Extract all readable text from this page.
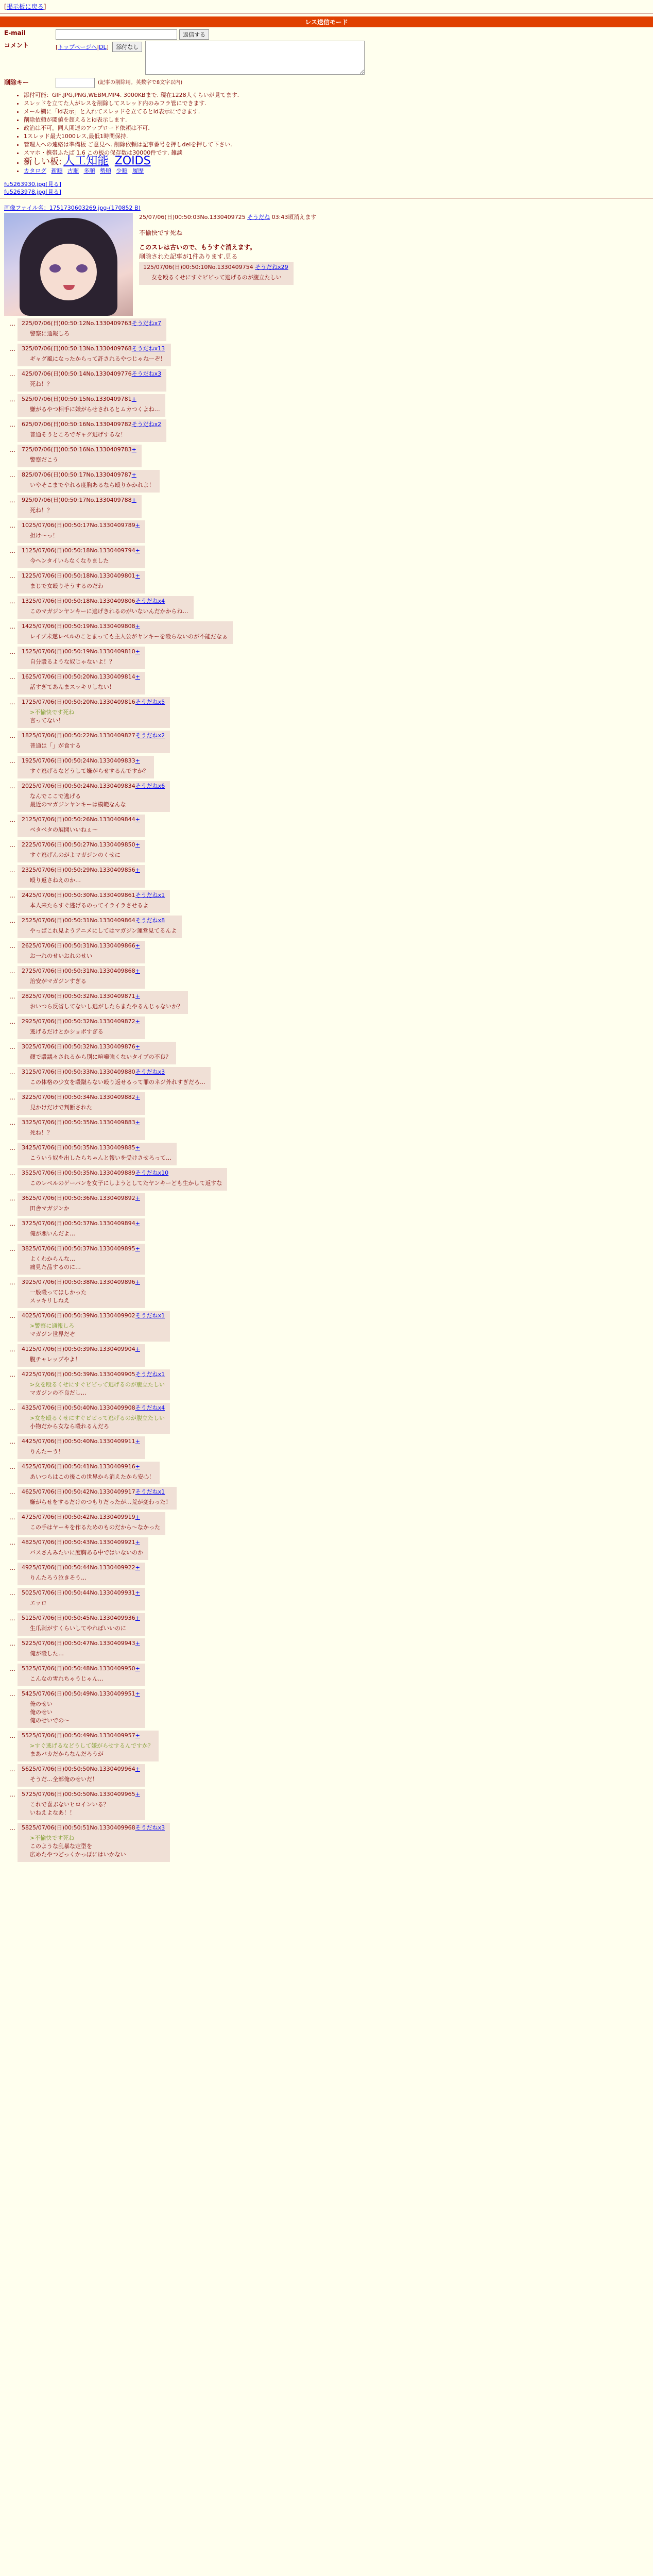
[掲示板に戻る]
レス送信モード
E-mail	返信する
コメント	[トップページへ|DL] 添付なし
削除キー	(記事の削除用。英数字で8文字以内)
• 添付可能：GIF,JPG,PNG,WEBM,MP4. 3000KBまで. 現在1228人くらいが見てます.
• スレッドを立てた人がレスを削除してスレッド内のみフラ管にできます.
• メール欄に「id表示」と入れてスレッドを立てるとid表示にできます.
• 削除依頼が閾値を超えるとid表示します.
• 政治は不可。同人関連のアップロード依頼は不可.
• 1スレッド最大1000レス,最低1時間保持.
• 管理人への連絡は準備板 ご意見へ. 削除依頼は記事番号を押しdelを押して下さい.
• スマホ・携帯ふたば 1.6 この板の保存数は30000件です. 雑談
• 新しい板: 人工知能 ZOIDS
• カタログ 新順 古順 多順 勢順 少順 履歴
fu5263930.jpg[見る]
fu5263978.jpg[見る]
画像ファイル名：1751730603269.jpg-(170852 B)
25/07/06(日)00:50:03No.1330409725 そうだね 03:43頃消えます
不愉快です死ね
このスレは古いので、もうすぐ消えます。
削除された記事が1件あります.見る
125/07/06(日)00:50:10No.1330409754 そうだねx29
女を殴るくせにすぐビビって逃げるのが腹立たしい
…	225/07/06(日)00:50:12No.1330409763そうだねx7
警察に通報しろ
…	325/07/06(日)00:50:13No.1330409768そうだねx13
ギャグ風になったからって許されるやつじゃねーぞ！
…	425/07/06(日)00:50:14No.1330409776そうだねx3
死ね！？
…	525/07/06(日)00:50:15No.1330409781+
嫌がるやつ相手に嫌がらせされるとムカつくよね…
…	625/07/06(日)00:50:16No.1330409782そうだねx2
普通そうところでギャグ逃げするな！
…	725/07/06(日)00:50:16No.1330409783+
警察だこう
…	825/07/06(日)00:50:17No.1330409787+
いやそこまでやれる度胸あるなら殴りかかれよ！
…	925/07/06(日)00:50:17No.1330409788+
死ね！？
…	1025/07/06(日)00:50:17No.1330409789+
担け〜っ！
…	1125/07/06(日)00:50:18No.1330409794+
今ヘンタイいらなくなりました
…	1225/07/06(日)00:50:18No.1330409801+
まじで女殴りそうするのだわ
…	1325/07/06(日)00:50:18No.1330409806そうだねx4
このマガジンヤンキーに逃げきれるのがいないんだかからね…
…	1425/07/06(日)00:50:19No.1330409808+
レイプ未遂レベルのことまっても主人公がヤンキーを殴らないのが不能だなぁ
…	1525/07/06(日)00:50:19No.1330409810+
自分殴るような奴じゃないよ！？
…	1625/07/06(日)00:50:20No.1330409814+
話すぎてあんまスッキリしない！
…	1725/07/06(日)00:50:20No.1330409816そうだねx5
>不愉快です死ね
言ってない！
…	1825/07/06(日)00:50:22No.1330409827そうだねx2
普通は「」が食する
…	1925/07/06(日)00:50:24No.1330409833+
すぐ逃げるなどうして嫌がらせするんですか？
…	2025/07/06(日)00:50:24No.1330409834そうだねx6
なんでここで逃げる
最近のマガジンヤンキーは模範なんな
…	2125/07/06(日)00:50:26No.1330409844+
ベタベタの展開いいねぇ〜
…	2225/07/06(日)00:50:27No.1330409850+
すぐ逃げんのがよマガジンのくせに
…	2325/07/06(日)00:50:29No.1330409856+
殴り返さねえのか…
…	2425/07/06(日)00:50:30No.1330409861そうだねx1
本人来たらすぐ逃げるのってイライラさせるよ
…	2525/07/06(日)00:50:31No.1330409864そうだねx8
やっぱこれ見ようアニメにしてはマガジン運営見てるんよ
…	2625/07/06(日)00:50:31No.1330409866+
お一れのせいおれのせい
…	2725/07/06(日)00:50:31No.1330409868+
治安がマガジンすぎる
…	2825/07/06(日)00:50:32No.1330409871+
おいつら反省してないし逃がしたらまたやるんじゃないか？
…	2925/07/06(日)00:50:32No.1330409872+
逃げるだけとかショボすぎる
…	3025/07/06(日)00:50:32No.1330409876+
顔で殴議々されるから別に喧嘩強くないタイプの不良？
…	3125/07/06(日)00:50:33No.1330409880そうだねx3
この体格の少女を殴蹴らない殴り返せるって罪のネジ外れすぎだろ…
…	3225/07/06(日)00:50:34No.1330409882+
見かけだけで判断された
…	3325/07/06(日)00:50:35No.1330409883+
死ね！？
…	3425/07/06(日)00:50:35No.1330409885+
こういう奴を出したらちゃんと報いを受けさせろって…
…	3525/07/06(日)00:50:35No.1330409889そうだねx10
このレベルのゲーパンを女子にしようとしてたヤンキーども生かして返すな
…	3625/07/06(日)00:50:36No.1330409892+
田舎マガジンか
…	3725/07/06(日)00:50:37No.1330409894+
俺が悪いんだよ…
…	3825/07/06(日)00:50:37No.1330409895+
よくわからんな…
痛見た品するのに…
…	3925/07/06(日)00:50:38No.1330409896+
一般殴ってほしかった
スッキリしねえ
…	4025/07/06(日)00:50:39No.1330409902そうだねx1
>警察に通報しろ
マガジン世界だぞ
…	4125/07/06(日)00:50:39No.1330409904+
腹チャレップやよ！
…	4225/07/06(日)00:50:39No.1330409905そうだねx1
>女を殴るくせにすぐビビって逃げるのが腹立たしい
マガジンの不良だし…
…	4325/07/06(日)00:50:40No.1330409908そうだねx4
>女を殴るくせにすぐビビって逃げるのが腹立たしい
小物だから女なら殴れるんだろ
…	4425/07/06(日)00:50:40No.1330409911+
りんたーう！
…	4525/07/06(日)00:50:41No.1330409916+
あいつらはこの後この世界から消えたから安心！
…	4625/07/06(日)00:50:42No.1330409917そうだねx1
嫌がらせをするだけのつもりだったが…荒が変わった！
…	4725/07/06(日)00:50:42No.1330409919+
この手はヤーキを作るためのものだから〜なかった
…	4825/07/06(日)00:50:43No.1330409921+
バスさんみたいに度胸ある中ではいないのか
…	4925/07/06(日)00:50:44No.1330409922+
りんたろう泣きそう…
…	5025/07/06(日)00:50:44No.1330409931+
エッロ
…	5125/07/06(日)00:50:45No.1330409936+
生爪剥がすくらいしてやればいいのに
…	5225/07/06(日)00:50:47No.1330409943+
俺が殴した…
…	5325/07/06(日)00:50:48No.1330409950+
こんなの雪れちゃうじゃん…
…	5425/07/06(日)00:50:49No.1330409951+
俺のせい
俺のせい
俺のせいでの〜
…	5525/07/06(日)00:50:49No.1330409957+
>すぐ逃げるなどうして嫌がらせするんですか？
まあバカだからなんだろうが
…	5625/07/06(日)00:50:50No.1330409964+
そうだ…全部俺のせいだ！
…	5725/07/06(日)00:50:50No.1330409965+
これで喜ぶないヒロインいる？
いねえよなあ！！
…	5825/07/06(日)00:50:51No.1330409968そうだねx3
>不愉快です死ね
このような乱暴な定型を
広めたやつどっくかっぽにはいかない
